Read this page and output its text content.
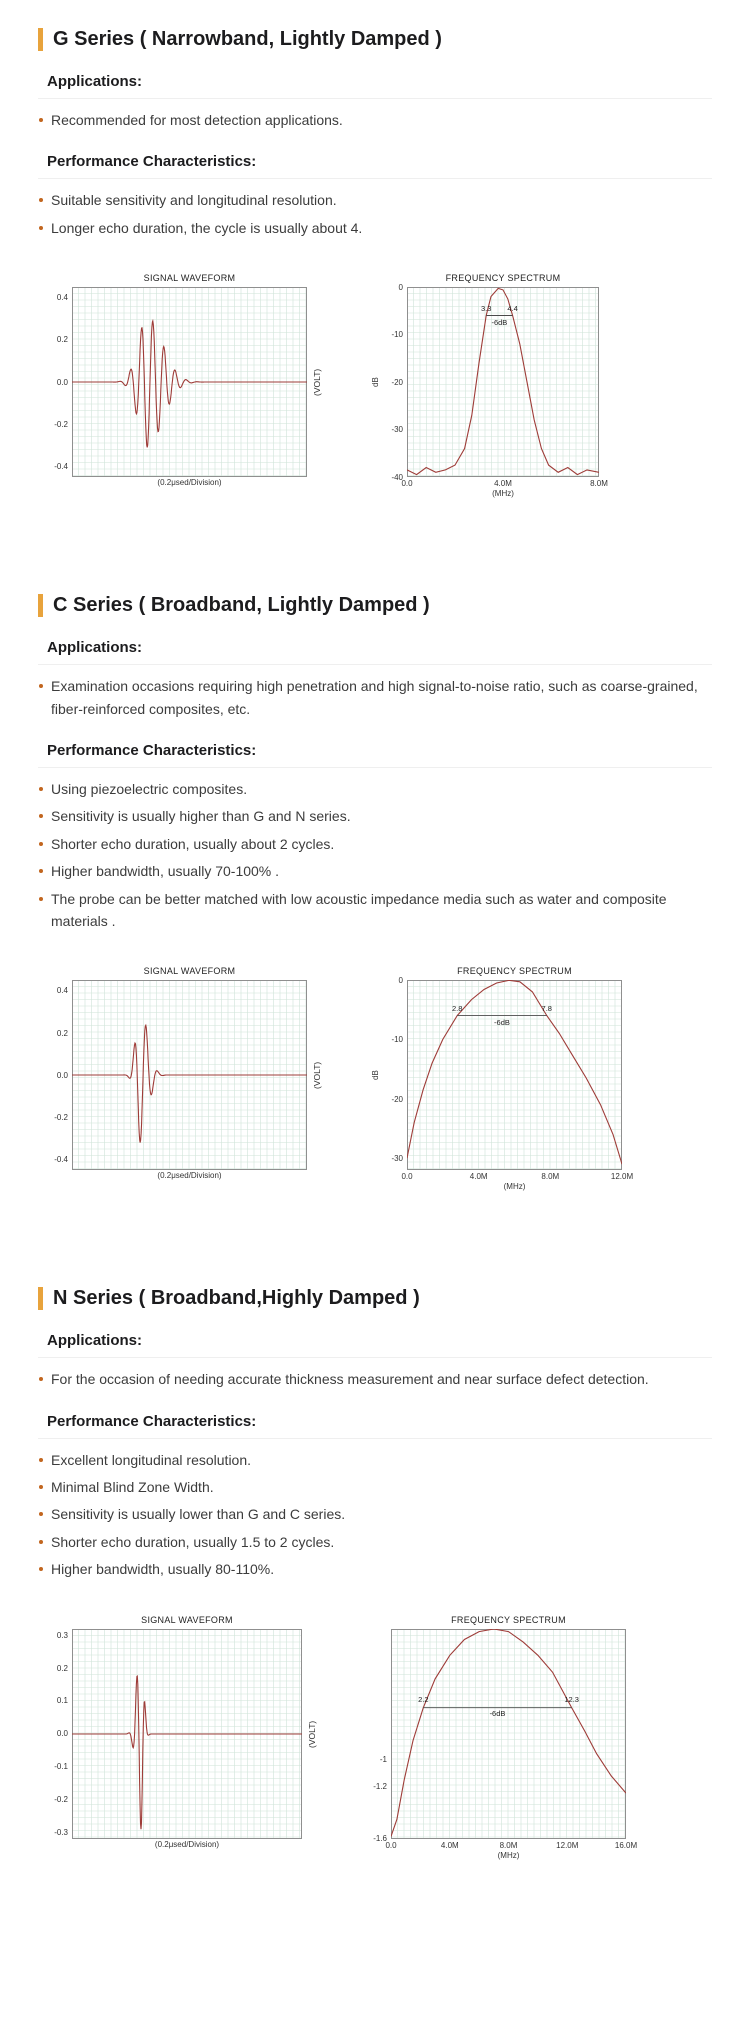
G Series ( Narrowband, Lightly Damped )
Applications:
Recommended for most detection applications.
Performance Characteristics:
Suitable sensitivity and longitudinal resolution.
Longer echo duration, the cycle is usually about 4.
SIGNAL WAVEFORM
0.4
0.2
0.0
-0.2
-0.4
(VOLT)
(0.2μsed/Division)
FREQUENCY SPECTRUM
dB
0
-10
-20
-30
-40
3.3 4.4
-6dB
0.0	4.0M	8.0M
(MHz)
C Series ( Broadband, Lightly Damped )
Applications:
Examination occasions requiring high penetration and high signal-to-noise ratio, such as coarse-grained, fiber-reinforced composites, etc.
Performance Characteristics:
Using piezoelectric composites.
Sensitivity is usually higher than G and N series.
Shorter echo duration, usually about 2 cycles.
Higher bandwidth, usually 70-100% .
The probe can be better matched with low acoustic impedance media such as water and composite materials .
SIGNAL WAVEFORM
0.4
0.2
0.0
-0.2
-0.4
(VOLT)
(0.2μsed/Division)
FREQUENCY SPECTRUM
dB
0
-10
-20
-30
2.8	7.8
-6dB
0.0	4.0M	8.0M	12.0M
(MHz)
N Series ( Broadband,Highly Damped )
Applications:
For the occasion of needing accurate thickness measurement and near surface defect detection.
Performance Characteristics:
Excellent longitudinal resolution.
Minimal Blind Zone Width.
Sensitivity is usually lower than G and C series.
Shorter echo duration, usually 1.5 to 2 cycles.
Higher bandwidth, usually 80-110%.
SIGNAL WAVEFORM
0.3
0.2
0.1
0.0
-0.1
-0.2
-0.3
(VOLT)
(0.2μsed/Division)
FREQUENCY SPECTRUM
-1
-1.2
-1.6
2.2	12.3
-6dB
0.0	4.0M	8.0M	12.0M	16.0M
(MHz)
